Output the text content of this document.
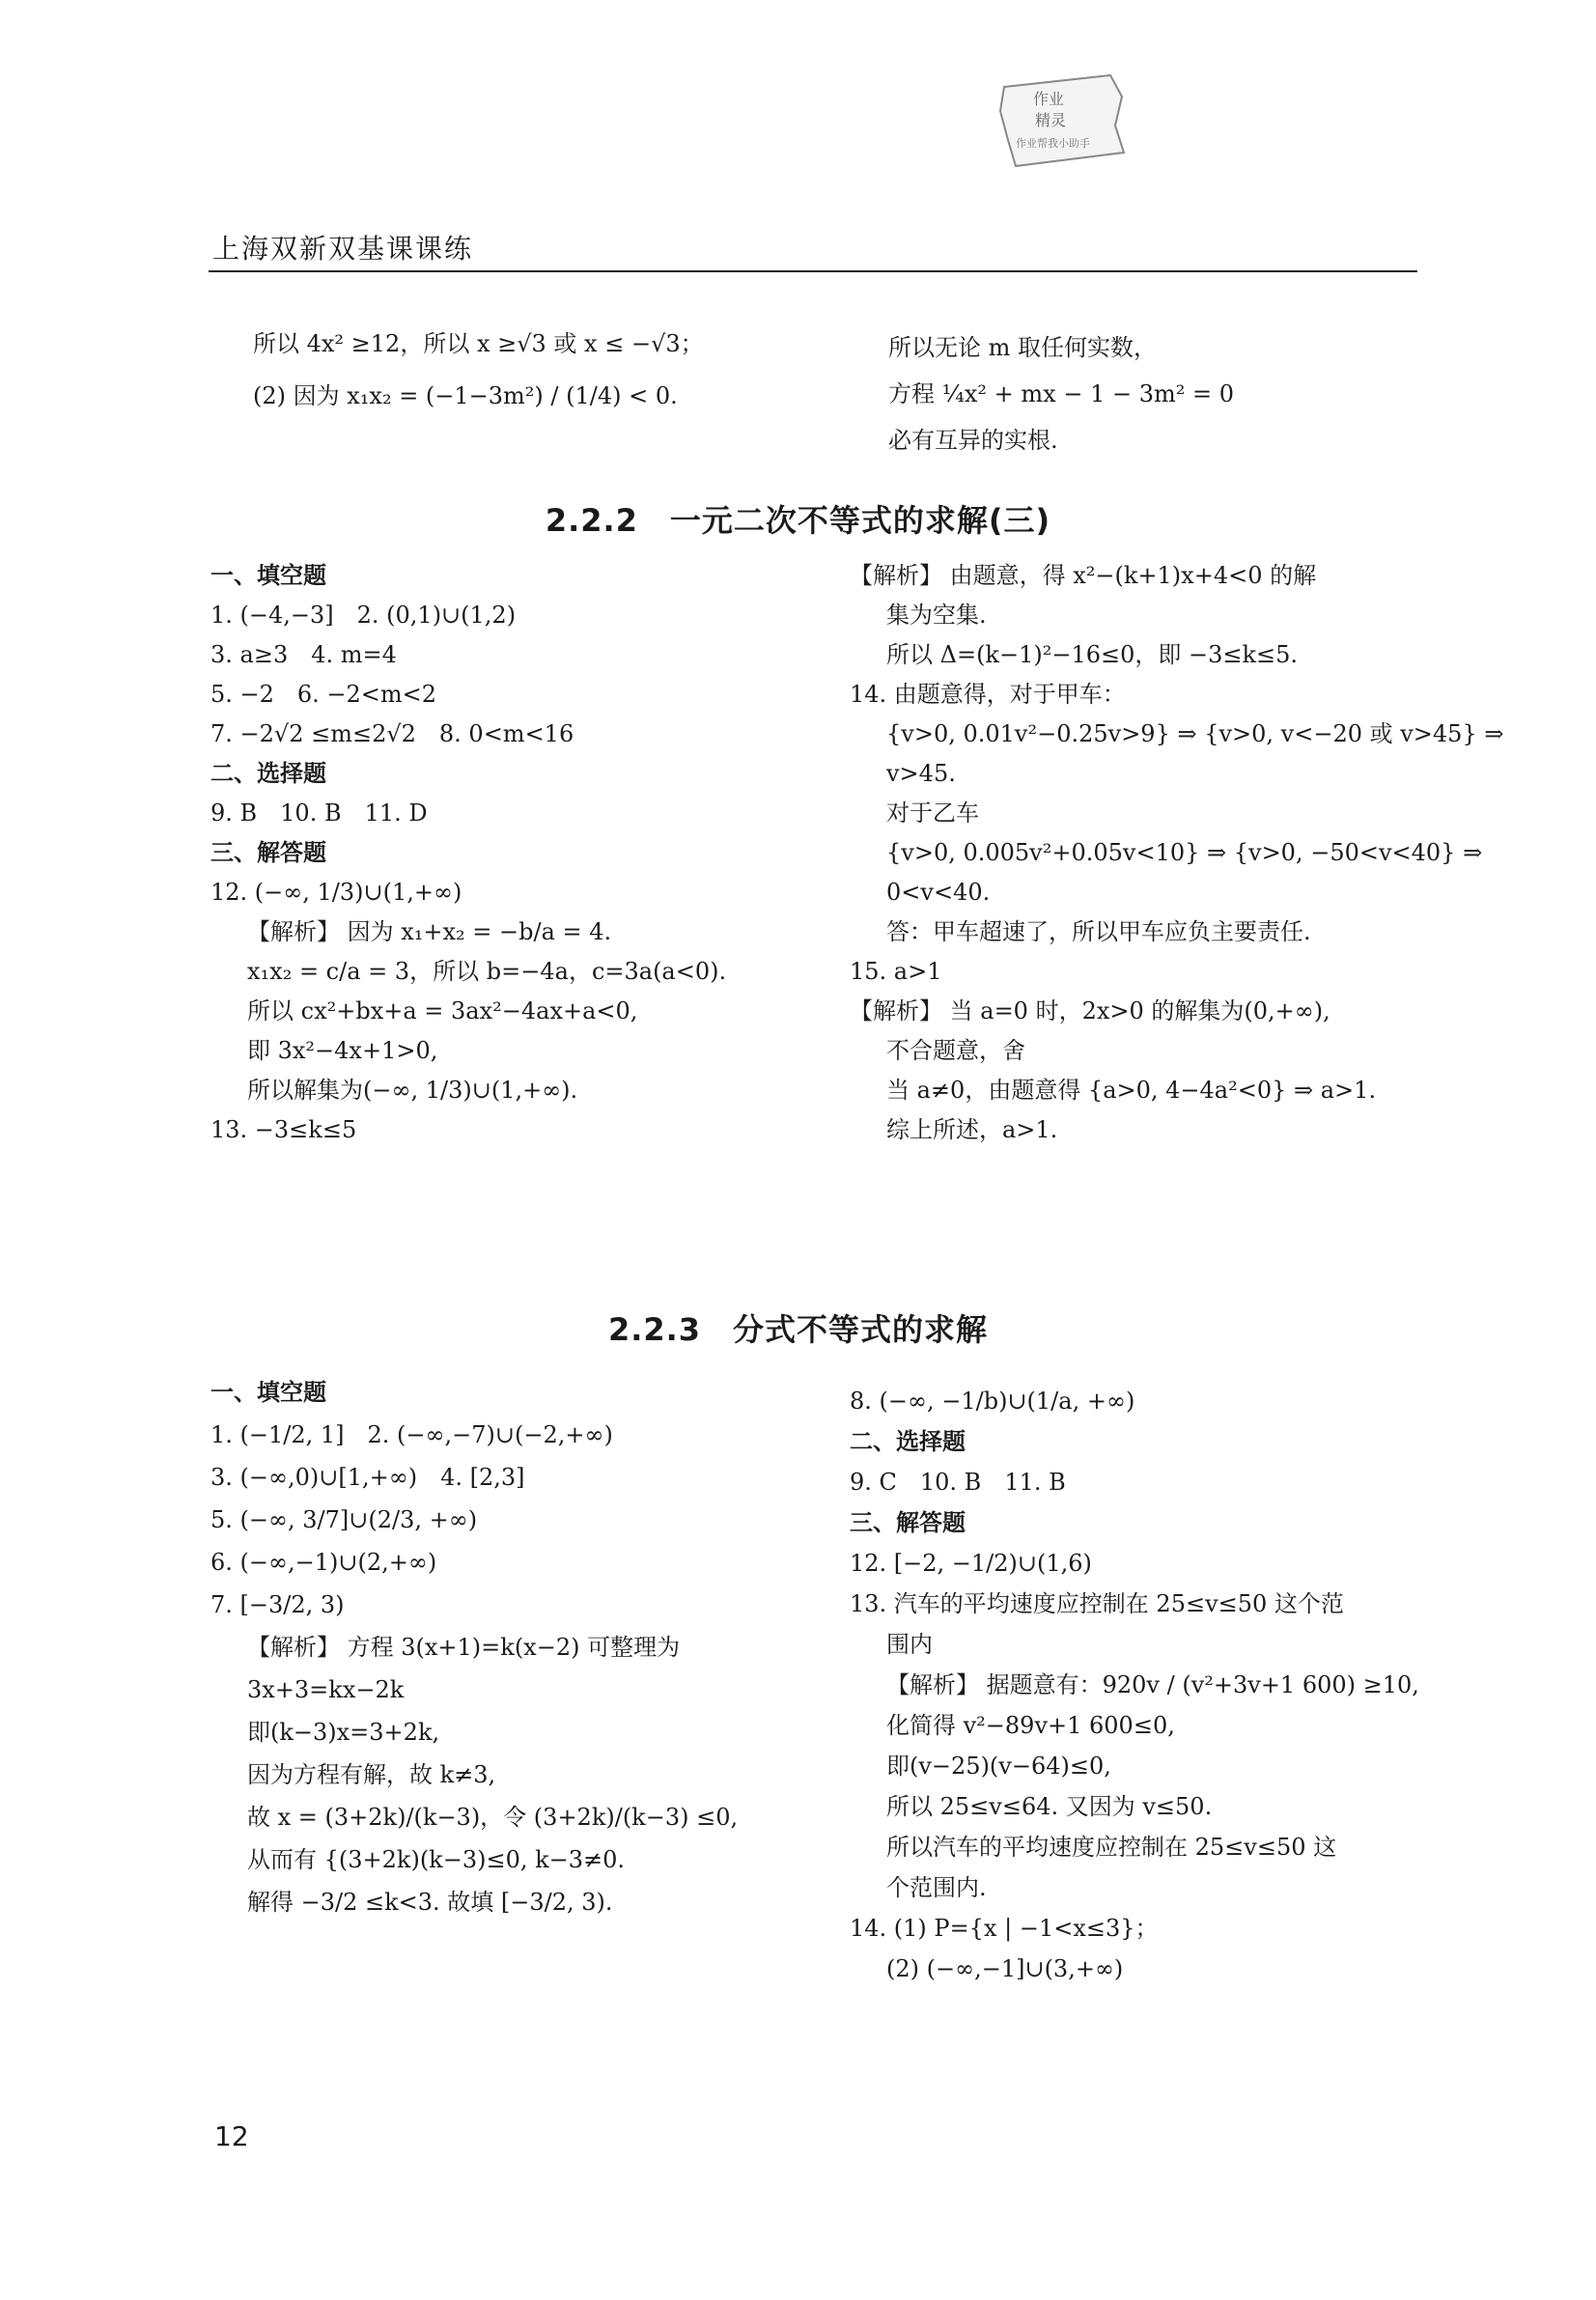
作业
精灵
作业帮我小助手
上海双新双基课课练
所以 4x² ≥12，所以 x ≥√3 或 x ≤ −√3；
(2) 因为 x₁x₂ = (−1−3m²) / (1/4) < 0.
所以无论 m 取任何实数，
方程 ¼x² + mx − 1 − 3m² = 0
必有互异的实根.
2.2.2　一元二次不等式的求解(三)
一、填空题
1. (−4,−3]　2. (0,1)∪(1,2)
3. a≥3　4. m=4
5. −2　6. −2<m<2
7. −2√2 ≤m≤2√2　8. 0<m<16
二、选择题
9. B　10. B　11. D
三、解答题
12. (−∞, 1/3)∪(1,+∞)
【解析】 因为 x₁+x₂ = −b/a = 4.
x₁x₂ = c/a = 3，所以 b=−4a，c=3a(a<0).
所以 cx²+bx+a = 3ax²−4ax+a<0,
即 3x²−4x+1>0,
所以解集为(−∞, 1/3)∪(1,+∞).
13. −3≤k≤5
【解析】 由题意，得 x²−(k+1)x+4<0 的解
集为空集.
所以 Δ=(k−1)²−16≤0，即 −3≤k≤5.
14. 由题意得，对于甲车：
{v>0, 0.01v²−0.25v>9} ⇒ {v>0, v<−20 或 v>45} ⇒
v>45.
对于乙车
{v>0, 0.005v²+0.05v<10} ⇒ {v>0, −50<v<40} ⇒
0<v<40.
答：甲车超速了，所以甲车应负主要责任.
15. a>1
【解析】 当 a=0 时，2x>0 的解集为(0,+∞),
不合题意，舍
当 a≠0，由题意得 {a>0, 4−4a²<0} ⇒ a>1.
综上所述，a>1.
2.2.3　分式不等式的求解
一、填空题
1. (−1/2, 1]　2. (−∞,−7)∪(−2,+∞)
3. (−∞,0)∪[1,+∞)　4. [2,3]
5. (−∞, 3/7]∪(2/3, +∞)
6. (−∞,−1)∪(2,+∞)
7. [−3/2, 3)
【解析】 方程 3(x+1)=k(x−2) 可整理为
3x+3=kx−2k
即(k−3)x=3+2k,
因为方程有解，故 k≠3,
故 x = (3+2k)/(k−3)，令 (3+2k)/(k−3) ≤0,
从而有 {(3+2k)(k−3)≤0, k−3≠0.
解得 −3/2 ≤k<3. 故填 [−3/2, 3).
8. (−∞, −1/b)∪(1/a, +∞)
二、选择题
9. C　10. B　11. B
三、解答题
12. [−2, −1/2)∪(1,6)
13. 汽车的平均速度应控制在 25≤v≤50 这个范
围内
【解析】 据题意有：920v / (v²+3v+1 600) ≥10,
化简得 v²−89v+1 600≤0,
即(v−25)(v−64)≤0,
所以 25≤v≤64. 又因为 v≤50.
所以汽车的平均速度应控制在 25≤v≤50 这
个范围内.
14. (1) P={x | −1<x≤3}；
(2) (−∞,−1]∪(3,+∞)
12
